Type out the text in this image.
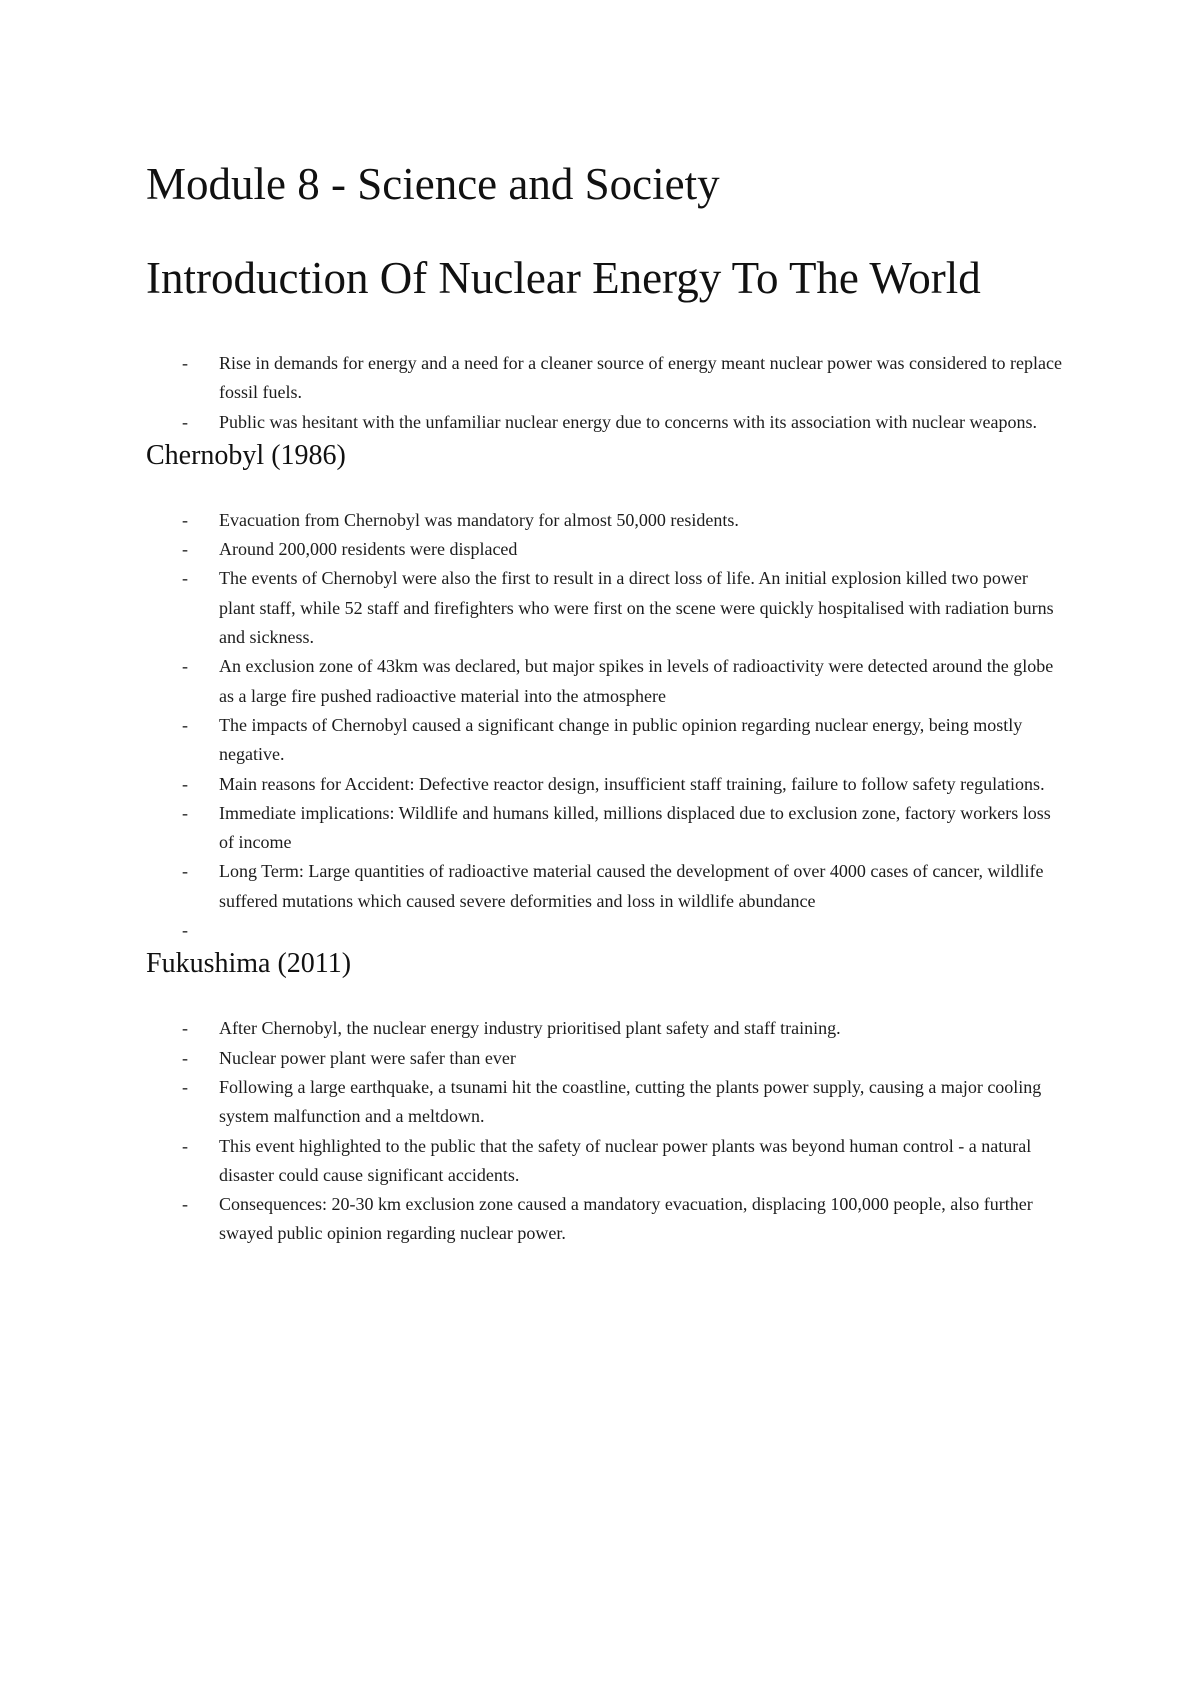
Module 8 - Science and Society
Introduction Of Nuclear Energy To The World
- Rise in demands for energy and a need for a cleaner source of energy meant nuclear power was considered to replace fossil fuels.
- Public was hesitant with the unfamiliar nuclear energy due to concerns with its association with nuclear weapons.
Chernobyl (1986)
- Evacuation from Chernobyl was mandatory for almost 50,000 residents.
- Around 200,000 residents were displaced
- The events of Chernobyl were also the first to result in a direct loss of life. An initial explosion killed two power plant staff, while 52 staff and firefighters who were first on the scene were quickly hospitalised with radiation burns and sickness.
- An exclusion zone of 43km was declared, but major spikes in levels of radioactivity were detected around the globe as a large fire pushed radioactive material into the atmosphere
- The impacts of Chernobyl caused a significant change in public opinion regarding nuclear energy, being mostly negative.
- Main reasons for Accident: Defective reactor design, insufficient staff training, failure to follow safety regulations.
- Immediate implications: Wildlife and humans killed, millions displaced due to exclusion zone, factory workers loss of income
- Long Term: Large quantities of radioactive material caused the development of over 4000 cases of cancer, wildlife suffered mutations which caused severe deformities and loss in wildlife abundance
-
Fukushima (2011)
- After Chernobyl, the nuclear energy industry prioritised plant safety and staff training.
- Nuclear power plant were safer than ever
- Following a large earthquake, a tsunami hit the coastline, cutting the plants power supply, causing a major cooling system malfunction and a meltdown.
- This event highlighted to the public that the safety of nuclear power plants was beyond human control - a natural disaster could cause significant accidents.
- Consequences: 20-30 km exclusion zone caused a mandatory evacuation, displacing 100,000 people, also further swayed public opinion regarding nuclear power.
